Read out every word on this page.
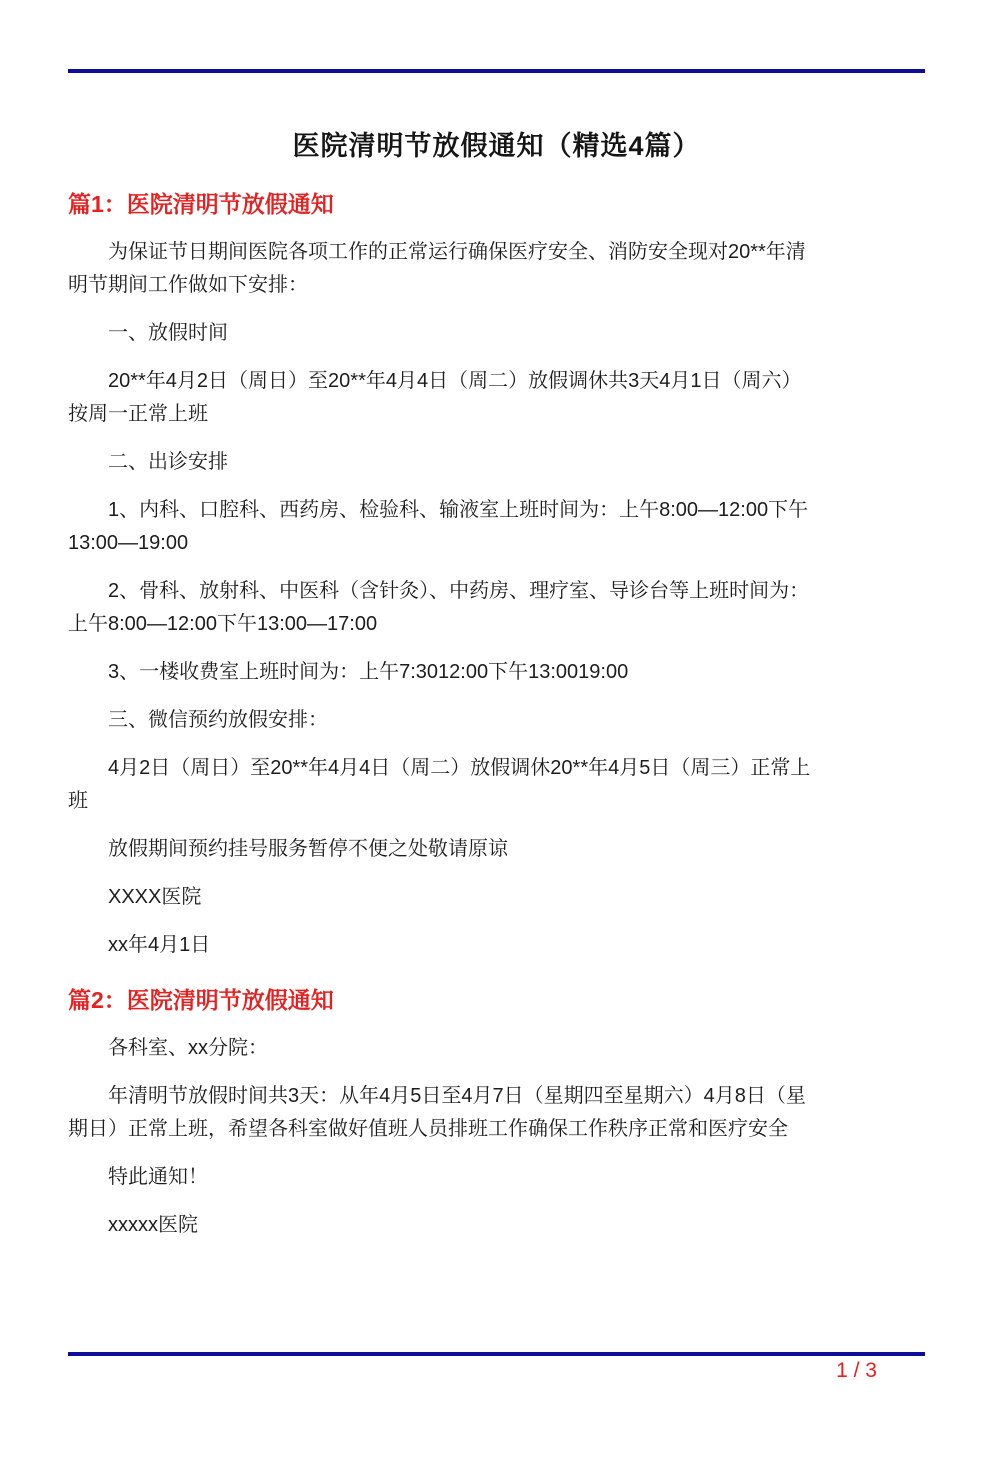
医院清明节放假通知（精选4篇）
篇1：医院清明节放假通知

为保证节日期间医院各项工作的正常运行确保医疗安全、消防安全现对20**年清明节期间工作做如下安排：

一、放假时间

20**年4月2日（周日）至20**年4月4日（周二）放假调休共3天4月1日（周六）按周一正常上班

二、出诊安排

1、内科、口腔科、西药房、检验科、输液室上班时间为：上午8:00—12:00下午13:00—19:00

2、骨科、放射科、中医科（含针灸）、中药房、理疗室、导诊台等上班时间为：上午8:00—12:00下午13:00—17:00

3、一楼收费室上班时间为：上午7:3012:00下午13:0019:00

三、微信预约放假安排：

4月2日（周日）至20**年4月4日（周二）放假调休20**年4月5日（周三）正常上班

放假期间预约挂号服务暂停不便之处敬请原谅

XXXX医院

xx年4月1日

篇2：医院清明节放假通知

各科室、xx分院：

年清明节放假时间共3天：从年4月5日至4月7日（星期四至星期六）4月8日（星期日）正常上班，希望各科室做好值班人员排班工作确保工作秩序正常和医疗安全

特此通知！

xxxxx医院

1 / 3
